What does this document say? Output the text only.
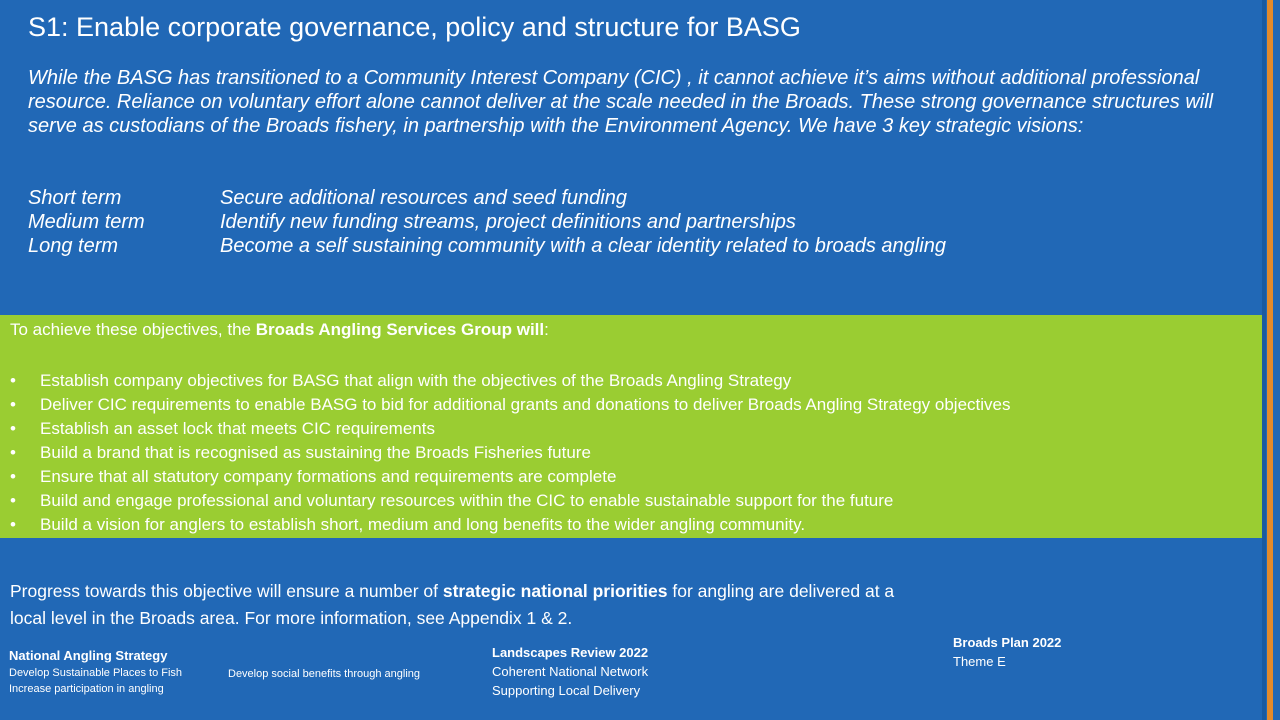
S1: Enable corporate governance, policy and structure for BASG

While the BASG has transitioned to a Community Interest Company (CIC) , it cannot achieve it’s aims without additional professional resource. Reliance on voluntary effort alone cannot deliver at the scale needed in the Broads. These strong governance structures will serve as custodians of the Broads fishery, in partnership with the Environment Agency. We have 3 key strategic visions:

Short term	Secure additional resources and seed funding
Medium term	Identify new funding streams, project definitions and partnerships
Long term	Become a self sustaining community with a clear identity related to broads angling
To achieve these objectives, the Broads Angling Services Group will:
• Establish company objectives for BASG that align with the objectives of the Broads Angling Strategy
• Deliver CIC requirements to enable BASG to bid for additional grants and donations to deliver Broads Angling Strategy objectives
• Establish an asset lock that meets CIC requirements
• Build a brand that is recognised as sustaining the Broads Fisheries future
• Ensure that all statutory company formations and requirements are complete
• Build and engage professional and voluntary resources within the CIC to enable sustainable support for the future
• Build a vision for anglers to establish short, medium and long benefits to the wider angling community.

Progress towards this objective will ensure a number of strategic national priorities for angling are delivered at a local level in the Broads area. For more information, see Appendix 1 & 2.

National Angling Strategy
Develop Sustainable Places to Fish
Increase participation in angling
Develop social benefits through angling
Landscapes Review 2022
Coherent National Network
Supporting Local Delivery
Broads Plan 2022
Theme E
